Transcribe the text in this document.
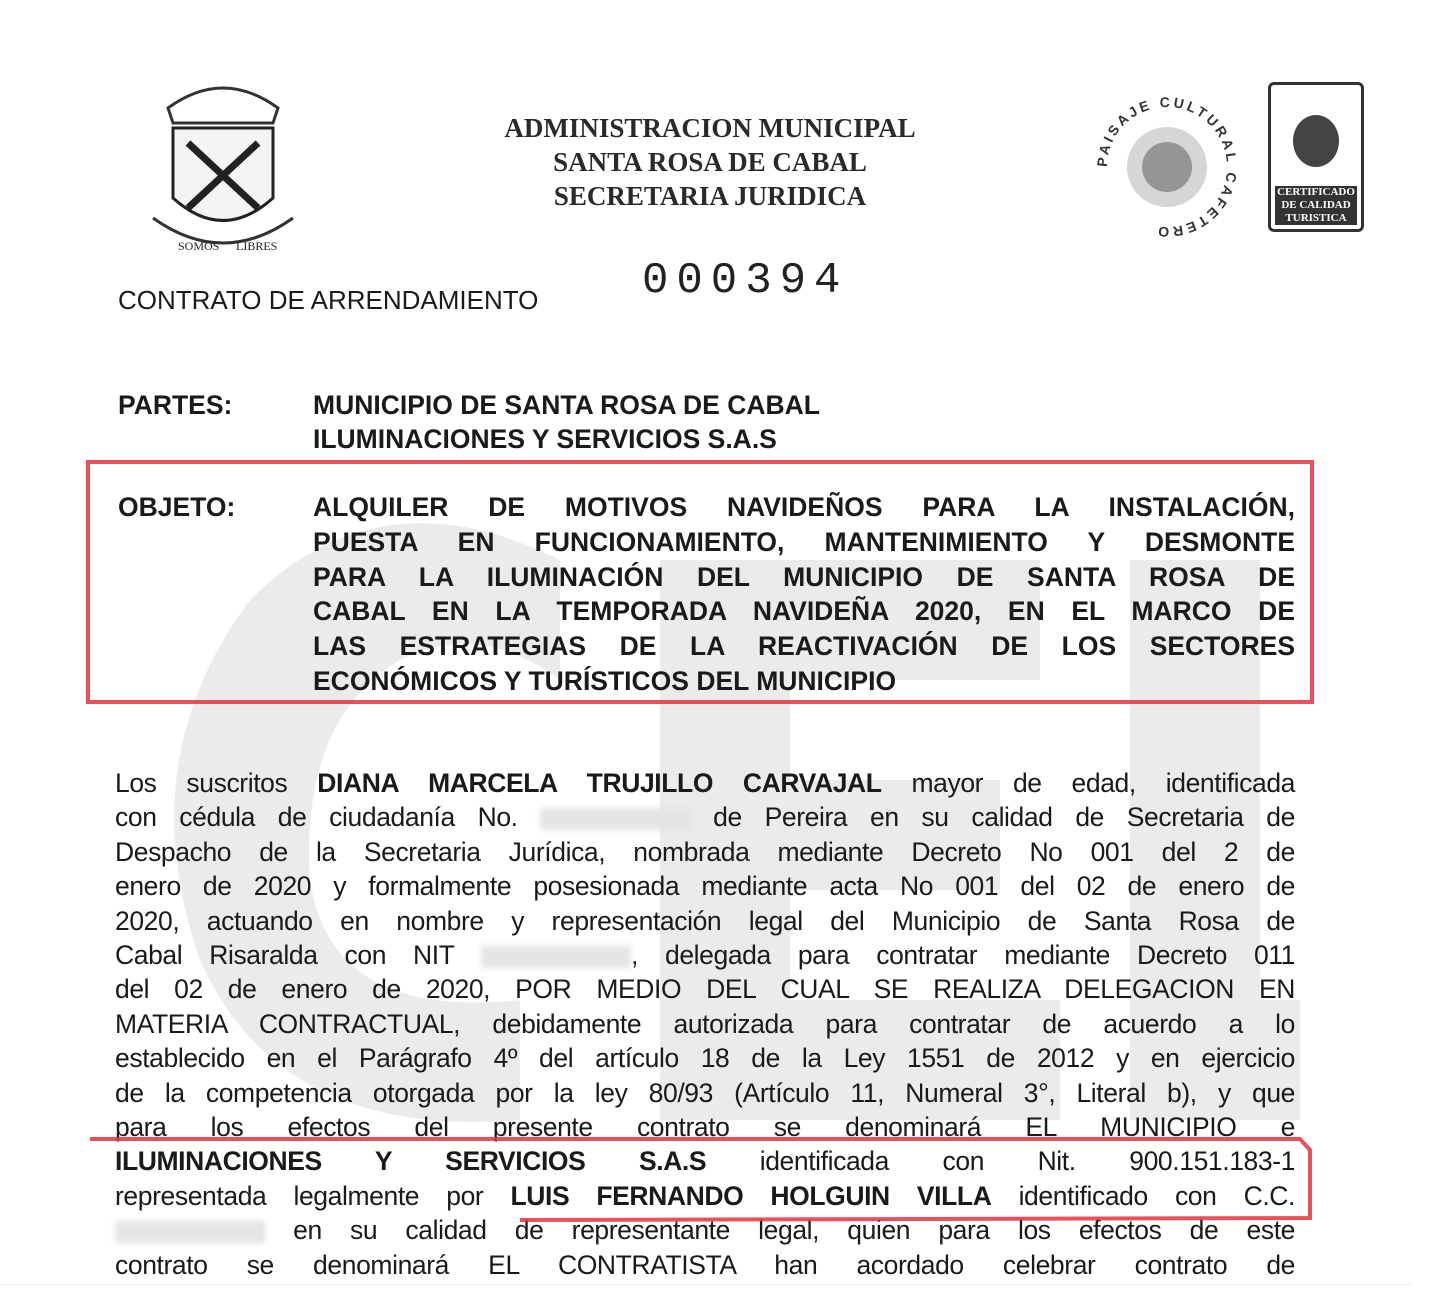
SOMOS LIBRES
ADMINISTRACION MUNICIPAL
SANTA ROSA DE CABAL
SECRETARIA JURIDICA
PAISAJE CULTURAL CAFETERO
CERTIFICADO DE CALIDAD TURISTICA
CONTRATO DE ARRENDAMIENTO 000394
PARTES:	MUNICIPIO DE SANTA ROSA DE CABAL
ILUMINACIONES Y SERVICIOS S.A.S
OBJETO:	ALQUILER DE MOTIVOS NAVIDEÑOS PARA LA INSTALACIÓN,
PUESTA EN FUNCIONAMIENTO, MANTENIMIENTO Y DESMONTE
PARA LA ILUMINACIÓN DEL MUNICIPIO DE SANTA ROSA DE
CABAL EN LA TEMPORADA NAVIDEÑA 2020, EN EL MARCO DE
LAS ESTRATEGIAS DE LA REACTIVACIÓN DE LOS SECTORES
ECONÓMICOS Y TURÍSTICOS DEL MUNICIPIO
Los suscritos DIANA MARCELA TRUJILLO CARVAJAL mayor de edad, identificada
con cédula de ciudadanía No.	de Pereira en su calidad de Secretaria de
Despacho de la Secretaria Jurídica, nombrada mediante Decreto No 001 del 2 de
enero de 2020 y formalmente posesionada mediante acta No 001 del 02 de enero de
2020, actuando en nombre y representación legal del Municipio de Santa Rosa de
Cabal Risaralda con NIT	, delegada para contratar mediante Decreto 011
del 02 de enero de 2020, POR MEDIO DEL CUAL SE REALIZA DELEGACION EN
MATERIA CONTRACTUAL, debidamente autorizada para contratar de acuerdo a lo
establecido en el Parágrafo 4º del artículo 18 de la Ley 1551 de 2012 y en ejercicio
de la competencia otorgada por la ley 80/93 (Artículo 11, Numeral 3°, Literal b), y que
para los efectos del presente contrato se denominará EL MUNICIPIO e
ILUMINACIONES Y SERVICIOS S.A.S identificada con Nit. 900.151.183-1
representada legalmente por LUIS FERNANDO HOLGUIN VILLA identificado con C.C.
en su calidad de representante legal, quien para los efectos de este
contrato se denominará EL CONTRATISTA han acordado celebrar contrato de
